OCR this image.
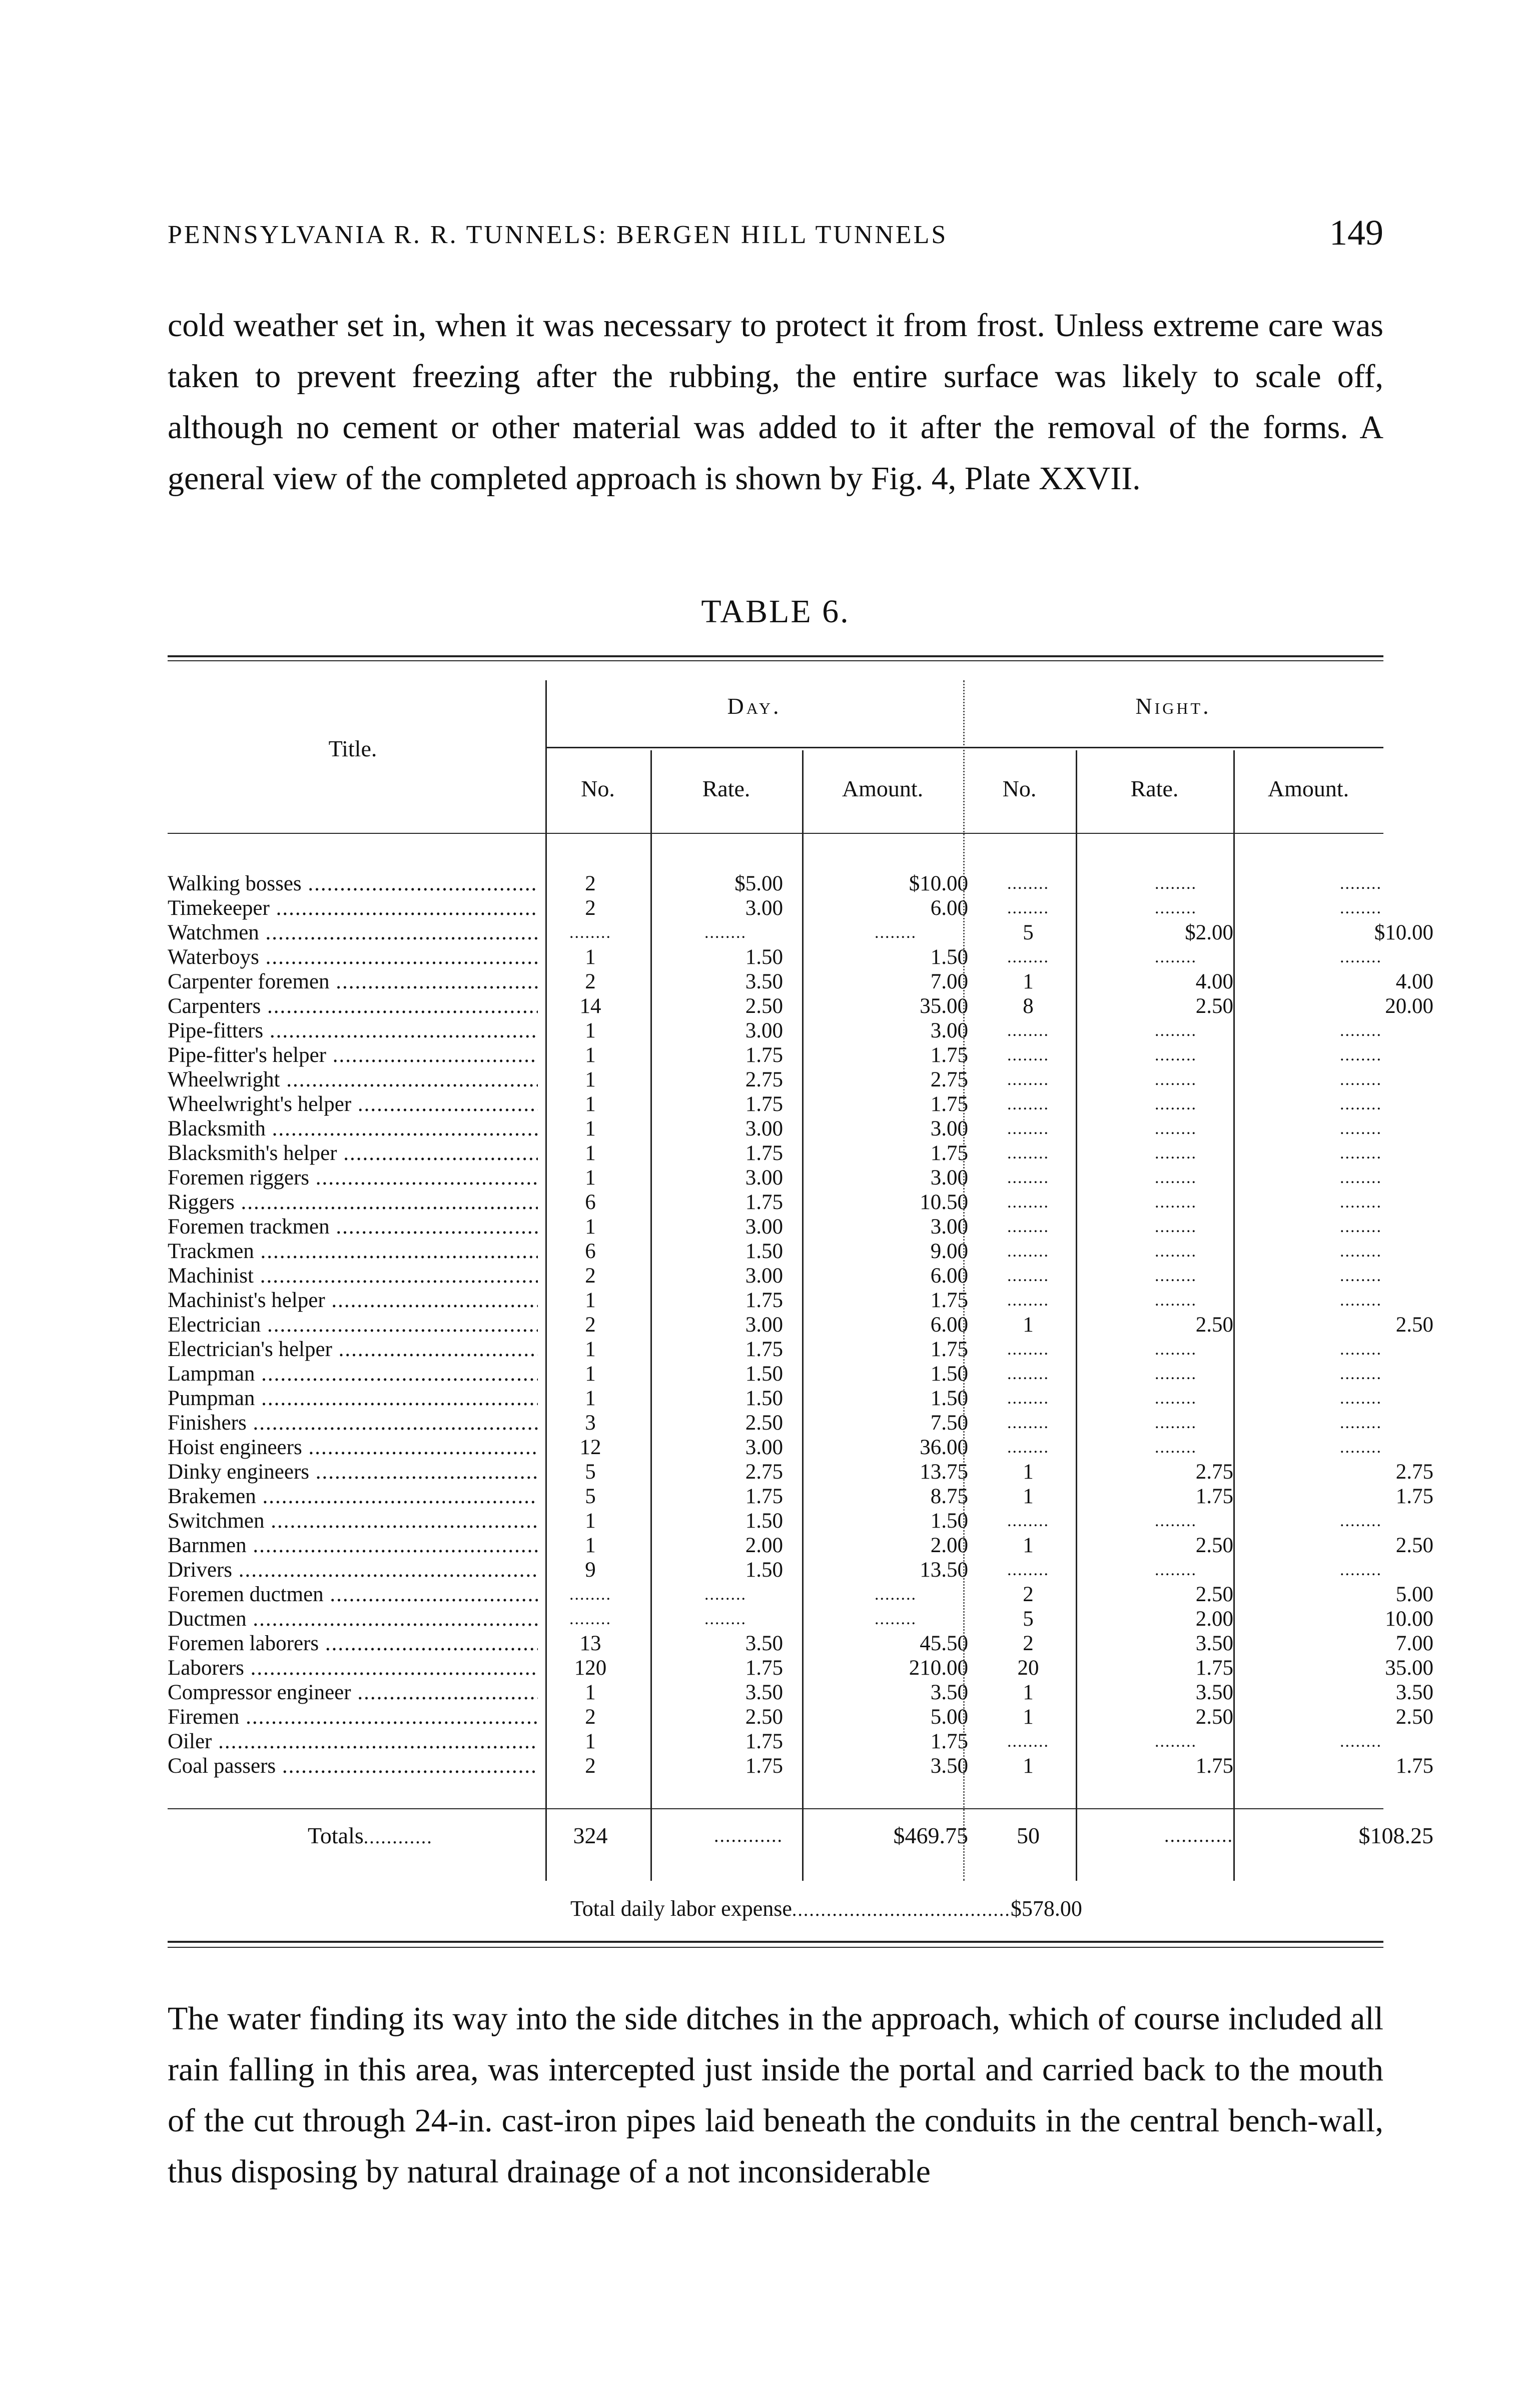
PENNSYLVANIA R. R. TUNNELS: BERGEN HILL TUNNELS	149
cold weather set in, when it was necessary to protect it from frost. Unless extreme care was taken to prevent freezing after the rubbing, the entire surface was likely to scale off, although no cement or other material was added to it after the removal of the forms. A general view of the completed approach is shown by Fig. 4, Plate XXVII.
TABLE 6.
Title.
Day.	Night.
No.	Rate.	Amount.	No.	Rate.	Amount.
Walking bosses .....	2	$5.00	$10.00	........	........	........
Timekeeper .....	2	3.00	6.00	........	........	........
Watchmen .....	........	........	........	5	$2.00	$10.00
Waterboys .....	1	1.50	1.50	........	........	........
Carpenter foremen .....	2	3.50	7.00	1	4.00	4.00
Carpenters .....	14	2.50	35.00	8	2.50	20.00
Pipe-fitters .....	1	3.00	3.00	........	........	........
Pipe-fitter's helper .....	1	1.75	1.75	........	........	........
Wheelwright .....	1	2.75	2.75	........	........	........
Wheelwright's helper .....	1	1.75	1.75	........	........	........
Blacksmith .....	1	3.00	3.00	........	........	........
Blacksmith's helper .....	1	1.75	1.75	........	........	........
Foremen riggers .....	1	3.00	3.00	........	........	........
Riggers .....	6	1.75	10.50	........	........	........
Foremen trackmen .....	1	3.00	3.00	........	........	........
Trackmen .....	6	1.50	9.00	........	........	........
Machinist .....	2	3.00	6.00	........	........	........
Machinist's helper .....	1	1.75	1.75	........	........	........
Electrician .....	2	3.00	6.00	1	2.50	2.50
Electrician's helper .....	1	1.75	1.75	........	........	........
Lampman .....	1	1.50	1.50	........	........	........
Pumpman .....	1	1.50	1.50	........	........	........
Finishers .....	3	2.50	7.50	........	........	........
Hoist engineers .....	12	3.00	36.00	........	........	........
Dinky engineers .....	5	2.75	13.75	1	2.75	2.75
Brakemen .....	5	1.75	8.75	1	1.75	1.75
Switchmen .....	1	1.50	1.50	........	........	........
Barnmen .....	1	2.00	2.00	1	2.50	2.50
Drivers .....	9	1.50	13.50	........	........	........
Foremen ductmen .....	........	........	........	2	2.50	5.00
Ductmen .....	........	........	........	5	2.00	10.00
Foremen laborers .....	13	3.50	45.50	2	3.50	7.00
Laborers .....	120	1.75	210.00	20	1.75	35.00
Compressor engineer .....	1	3.50	3.50	1	3.50	3.50
Firemen .....	2	2.50	5.00	1	2.50	2.50
Oiler .....	1	1.75	1.75	........	........	........
Coal passers .....	2	1.75	3.50	1	1.75	1.75
Totals............	324	............	$469.75	50	............	$108.25
Total daily labor expense......................................$578.00
The water finding its way into the side ditches in the approach, which of course included all rain falling in this area, was intercepted just inside the portal and carried back to the mouth of the cut through 24-in. cast-iron pipes laid beneath the conduits in the central bench-wall, thus disposing by natural drainage of a not inconsiderable
